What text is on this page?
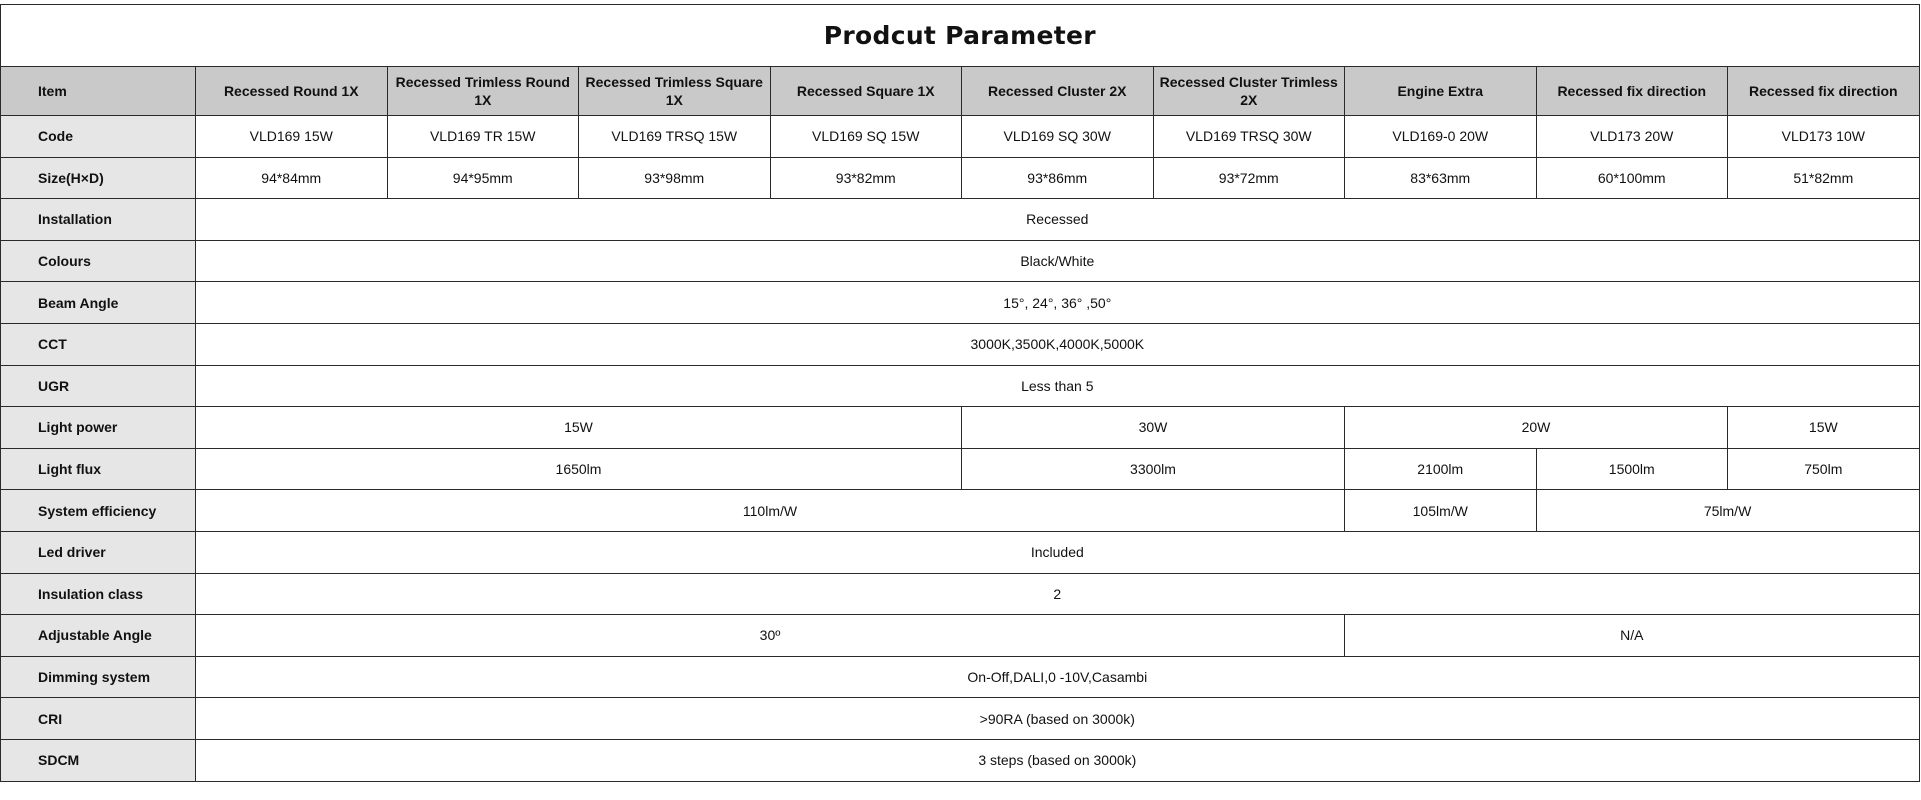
Prodcut Parameter									
Item	Recessed Round 1X	Recessed Trimless Round 1X	Recessed Trimless Square 1X	Recessed Square 1X	Recessed Cluster 2X	Recessed Cluster Trimless 2X	Engine Extra	Recessed fix direction	Recessed fix direction
Code	VLD169 15W	VLD169 TR 15W	VLD169 TRSQ 15W	VLD169 SQ 15W	VLD169 SQ 30W	VLD169 TRSQ 30W	VLD169-0 20W	VLD173 20W	VLD173 10W
Size(H×D)	94*84mm	94*95mm	93*98mm	93*82mm	93*86mm	93*72mm	83*63mm	60*100mm	51*82mm
Installation	Recessed								
Colours	Black/White								
Beam Angle	15°, 24°, 36° ,50°								
CCT	3000K,3500K,4000K,5000K								
UGR	Less than 5								
Light power	15W				30W		20W		15W
Light flux	1650lm				3300lm		2100lm	1500lm	750lm
System efficiency	110lm/W						105lm/W	75lm/W	
Led driver	Included								
Insulation class	2								
Adjustable Angle	30º						N/A		
Dimming system	On-Off,DALI,0 -10V,Casambi								
CRI	>90RA (based on 3000k)								
SDCM	3 steps (based on 3000k)								
